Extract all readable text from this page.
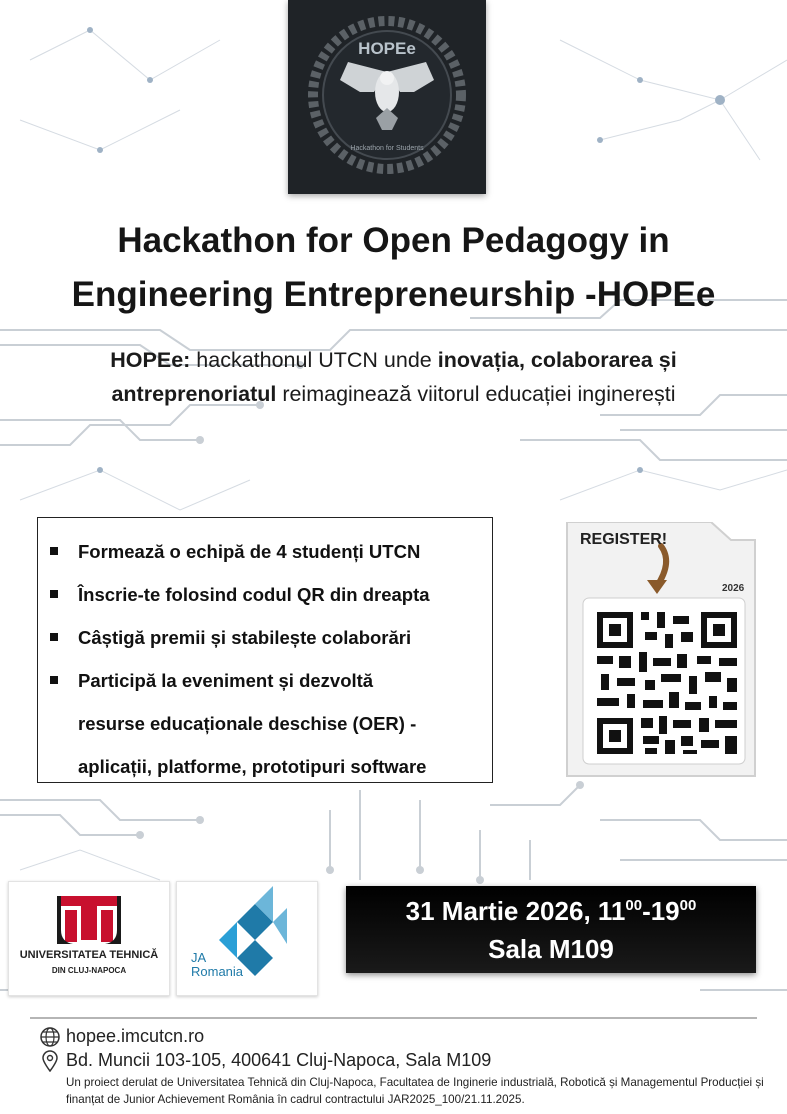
HOPEe
Hackathon for Students
Hackathon for Open Pedagogy in
Engineering Entrepreneurship -HOPEe
HOPEe: hackathonul UTCN unde inovația, colaborarea și
antreprenoriatul reimaginează viitorul educației inginerești
Formează o echipă de 4 studenți UTCN
Înscrie-te folosind codul QR din dreapta
Câștigă premii și stabilește colaborări
Participă la eveniment și dezvoltă
resurse educaționale deschise (OER) -
aplicații, platforme, prototipuri software
REGISTER!
2026
UNIVERSITATEA TEHNICĂ
DIN CLUJ-NAPOCA
JA
Romania
31 Martie 2026, $11^{00}-19^{00}$
Sala M109
hopee.imcutcn.ro
Bd. Muncii 103-105, 400641 Cluj-Napoca, Sala M109
Un proiect derulat de Universitatea Tehnică din Cluj-Napoca, Facultatea de Inginerie industrială, Robotică și Managementul Producției și finanțat de Junior Achievement România în cadrul contractului JAR2025_100/21.11.2025.
